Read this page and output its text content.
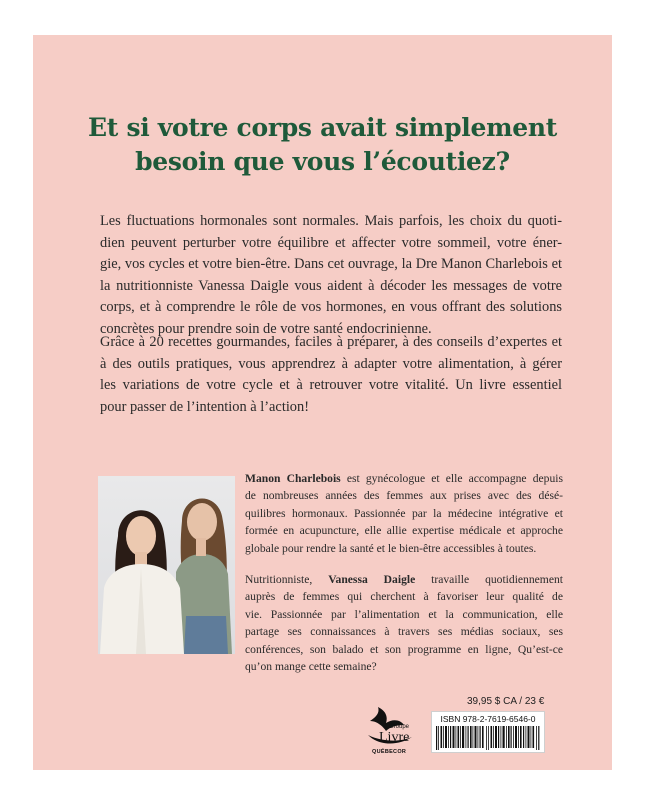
Et si votre corps avait simplement
besoin que vous l’écoutiez?

Les fluctuations hormonales sont normales. Mais parfois, les choix du quoti-
dien peuvent perturber votre équilibre et affecter votre sommeil, votre éner-
gie, vos cycles et votre bien-être. Dans cet ouvrage, la Dre Manon Charlebois et
la nutritionniste Vanessa Daigle vous aident à décoder les messages de votre
corps, et à comprendre le rôle de vos hormones, en vous offrant des solutions
concrètes pour prendre soin de votre santé endocrinienne.

Grâce à 20 recettes gourmandes, faciles à préparer, à des conseils d’expertes et
à des outils pratiques, vous apprendrez à adapter votre alimentation, à gérer
les variations de votre cycle et à retrouver votre vitalité. Un livre essentiel
pour passer de l’intention à l’action!

Manon Charlebois est gynécologue et elle accompagne depuis
de nombreuses années des femmes aux prises avec des désé-
quilibres hormonaux. Passionnée par la médecine intégrative et
formée en acupuncture, elle allie expertise médicale et approche
globale pour rendre la santé et le bien-être accessibles à toutes.

Nutritionniste, Vanessa Daigle travaille quotidiennement
auprès de femmes qui cherchent à favoriser leur qualité de
vie. Passionnée par l’alimentation et la communication, elle
partage ses connaissances à travers ses médias sociaux, ses
conférences, son balado et son programme en ligne, Qu’est-ce
qu’on mange cette semaine?

Groupe
Livre
QUÉBECOR
39,95 $ CA / 23 €
ISBN 978-2-7619-6546-0
